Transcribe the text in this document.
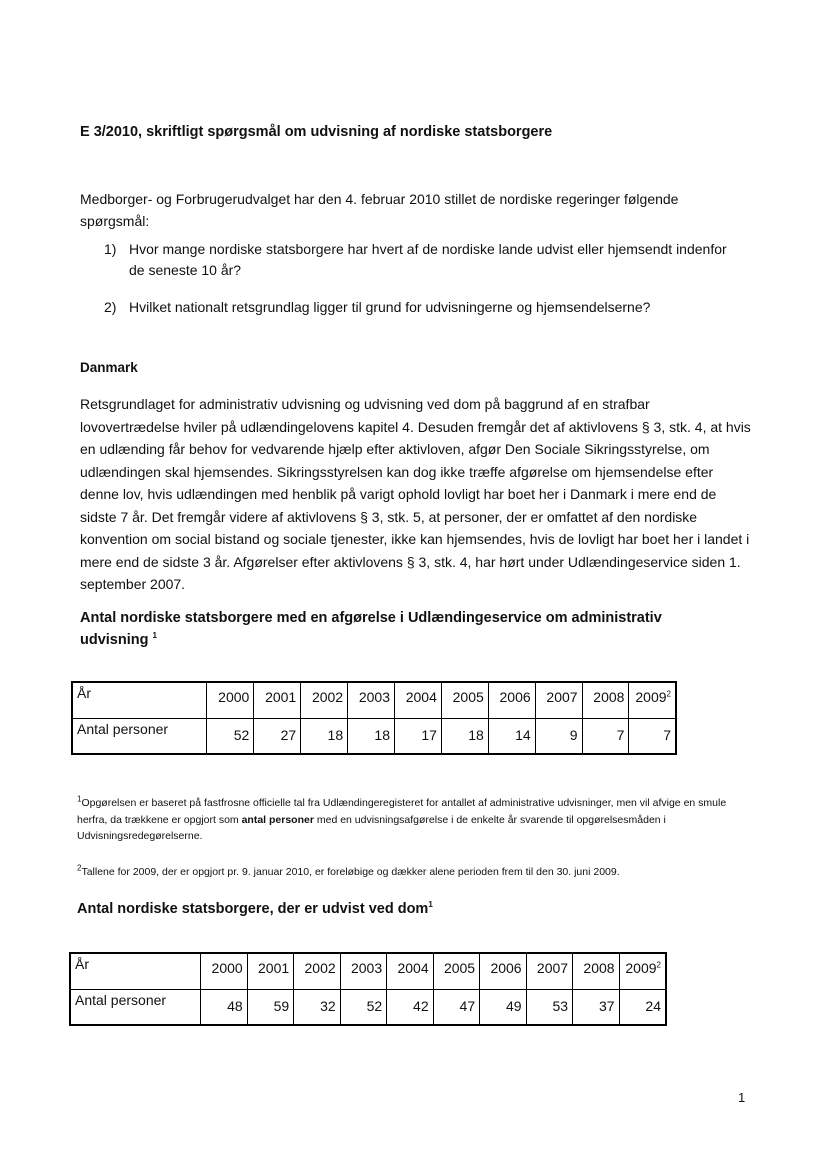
E 3/2010, skriftligt spørgsmål om udvisning af nordiske statsborgere
Medborger- og Forbrugerudvalget har den 4. februar 2010 stillet de nordiske regeringer følgende spørgsmål:
1) Hvor mange nordiske statsborgere har hvert af de nordiske lande udvist eller hjemsendt indenfor de seneste 10 år?
2) Hvilket nationalt retsgrundlag ligger til grund for udvisningerne og hjemsendelserne?
Danmark
Retsgrundlaget for administrativ udvisning og udvisning ved dom på baggrund af en strafbar lovovertrædelse hviler på udlændingelovens kapitel 4. Desuden fremgår det af aktivlovens § 3, stk. 4, at hvis en udlænding får behov for vedvarende hjælp efter aktivloven, afgør Den Sociale Sikringsstyrelse, om udlændingen skal hjemsendes. Sikringsstyrelsen kan dog ikke træffe afgørelse om hjemsendelse efter denne lov, hvis udlændingen med henblik på varigt ophold lovligt har boet her i Danmark i mere end de sidste 7 år. Det fremgår videre af aktivlovens § 3, stk. 5, at personer, der er omfattet af den nordiske konvention om social bistand og sociale tjenester, ikke kan hjemsendes, hvis de lovligt har boet her i landet i mere end de sidste 3 år. Afgørelser efter aktivlovens § 3, stk. 4, har hørt under Udlændingeservice siden 1. september 2007.
Antal nordiske statsborgere med en afgørelse i Udlændingeservice om administrativ udvisning $^1$
År	2000	2001	2002	2003	2004	2005	2006	2007	2008	2009$^2$
Antal personer	52	27	18	18	17	18	14	9	7	7
$^1$Opgørelsen er baseret på fastfrosne officielle tal fra Udlændingeregisteret for antallet af administrative udvisninger, men vil afvige en smule herfra, da trækkene er opgjort som antal personer med en udvisningsafgørelse i de enkelte år svarende til opgørelsesmåden i Udvisningsredegørelserne.
$^2$Tallene for 2009, der er opgjort pr. 9. januar 2010, er foreløbige og dækker alene perioden frem til den 30. juni 2009.
Antal nordiske statsborgere, der er udvist ved dom$^1$
År	2000	2001	2002	2003	2004	2005	2006	2007	2008	2009$^2$
Antal personer	48	59	32	52	42	47	49	53	37	24
1
